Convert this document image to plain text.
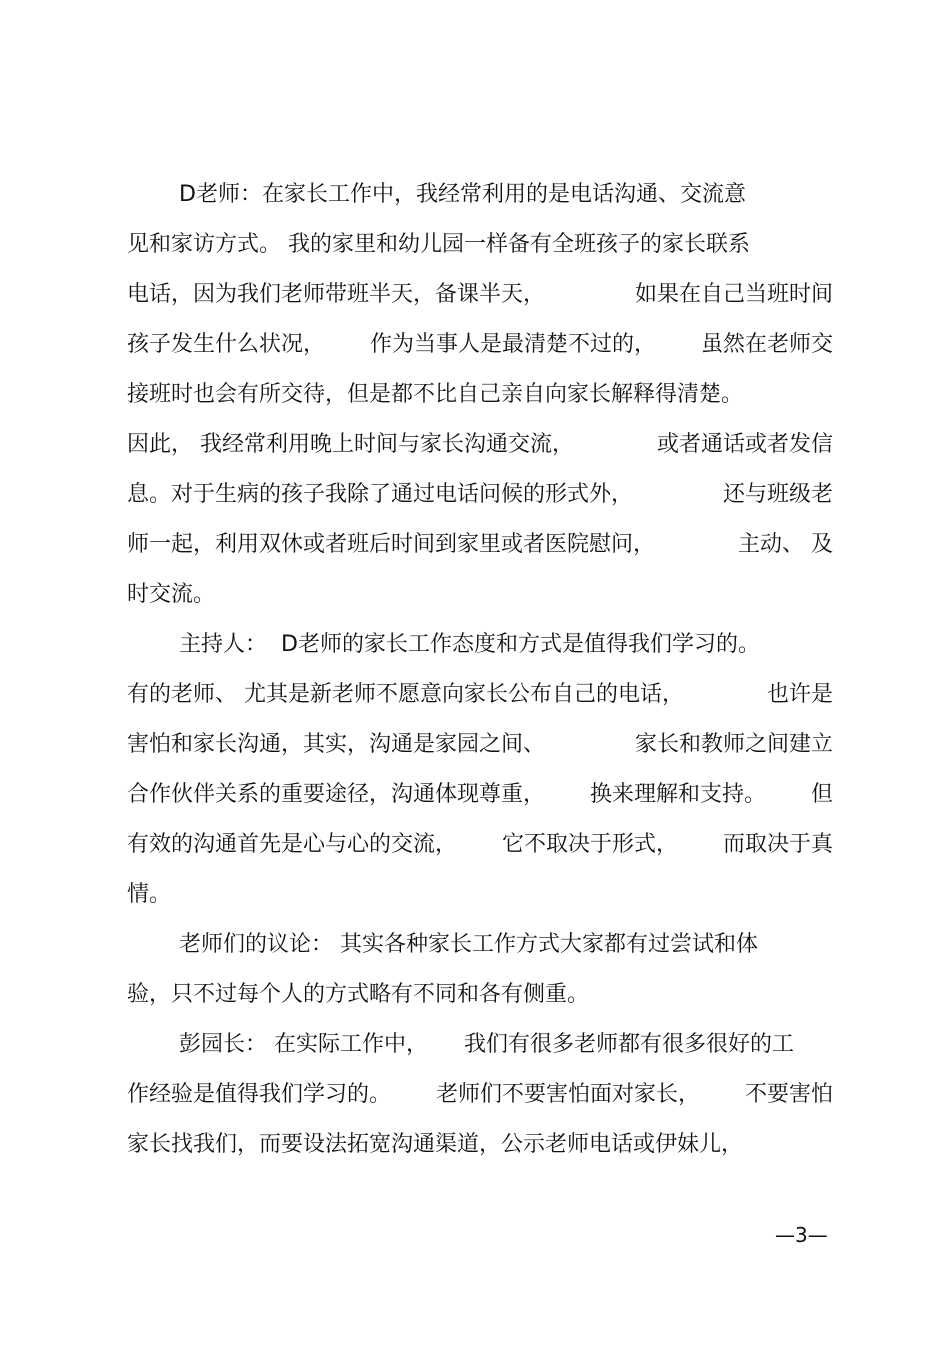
D老师：在家长工作中，我经常利用的是电话沟通、交流意
见和家访方式。 我的家里和幼儿园一样备有全班孩子的家长联系
电话，因为我们老师带班半天，备课半天，	如果在自己当班时间
孩子发生什么状况， 作为当事人是最清楚不过的， 虽然在老师交
接班时也会有所交待，但是都不比自己亲自向家长解释得清楚。
因此， 我经常利用晚上时间与家长沟通交流，	或者通话或者发信
息。对于生病的孩子我除了通过电话问候的形式外，	还与班级老
师一起，利用双休或者班后时间到家里或者医院慰问，	主动、 及
时交流。
主持人： D老师的家长工作态度和方式是值得我们学习的。
有的老师、 尤其是新老师不愿意向家长公布自己的电话，	也许是
害怕和家长沟通，其实，沟通是家园之间、	家长和教师之间建立
合作伙伴关系的重要途径，沟通体现尊重， 换来理解和支持。 但
有效的沟通首先是心与心的交流， 它不取决于形式， 而取决于真
情。
老师们的议论： 其实各种家长工作方式大家都有过尝试和体
验，只不过每个人的方式略有不同和各有侧重。
彭园长： 在实际工作中， 我们有很多老师都有很多很好的工
作经验是值得我们学习的。 老师们不要害怕面对家长， 不要害怕
家长找我们，而要设法拓宽沟通渠道，公示老师电话或伊妹儿，
—3—
